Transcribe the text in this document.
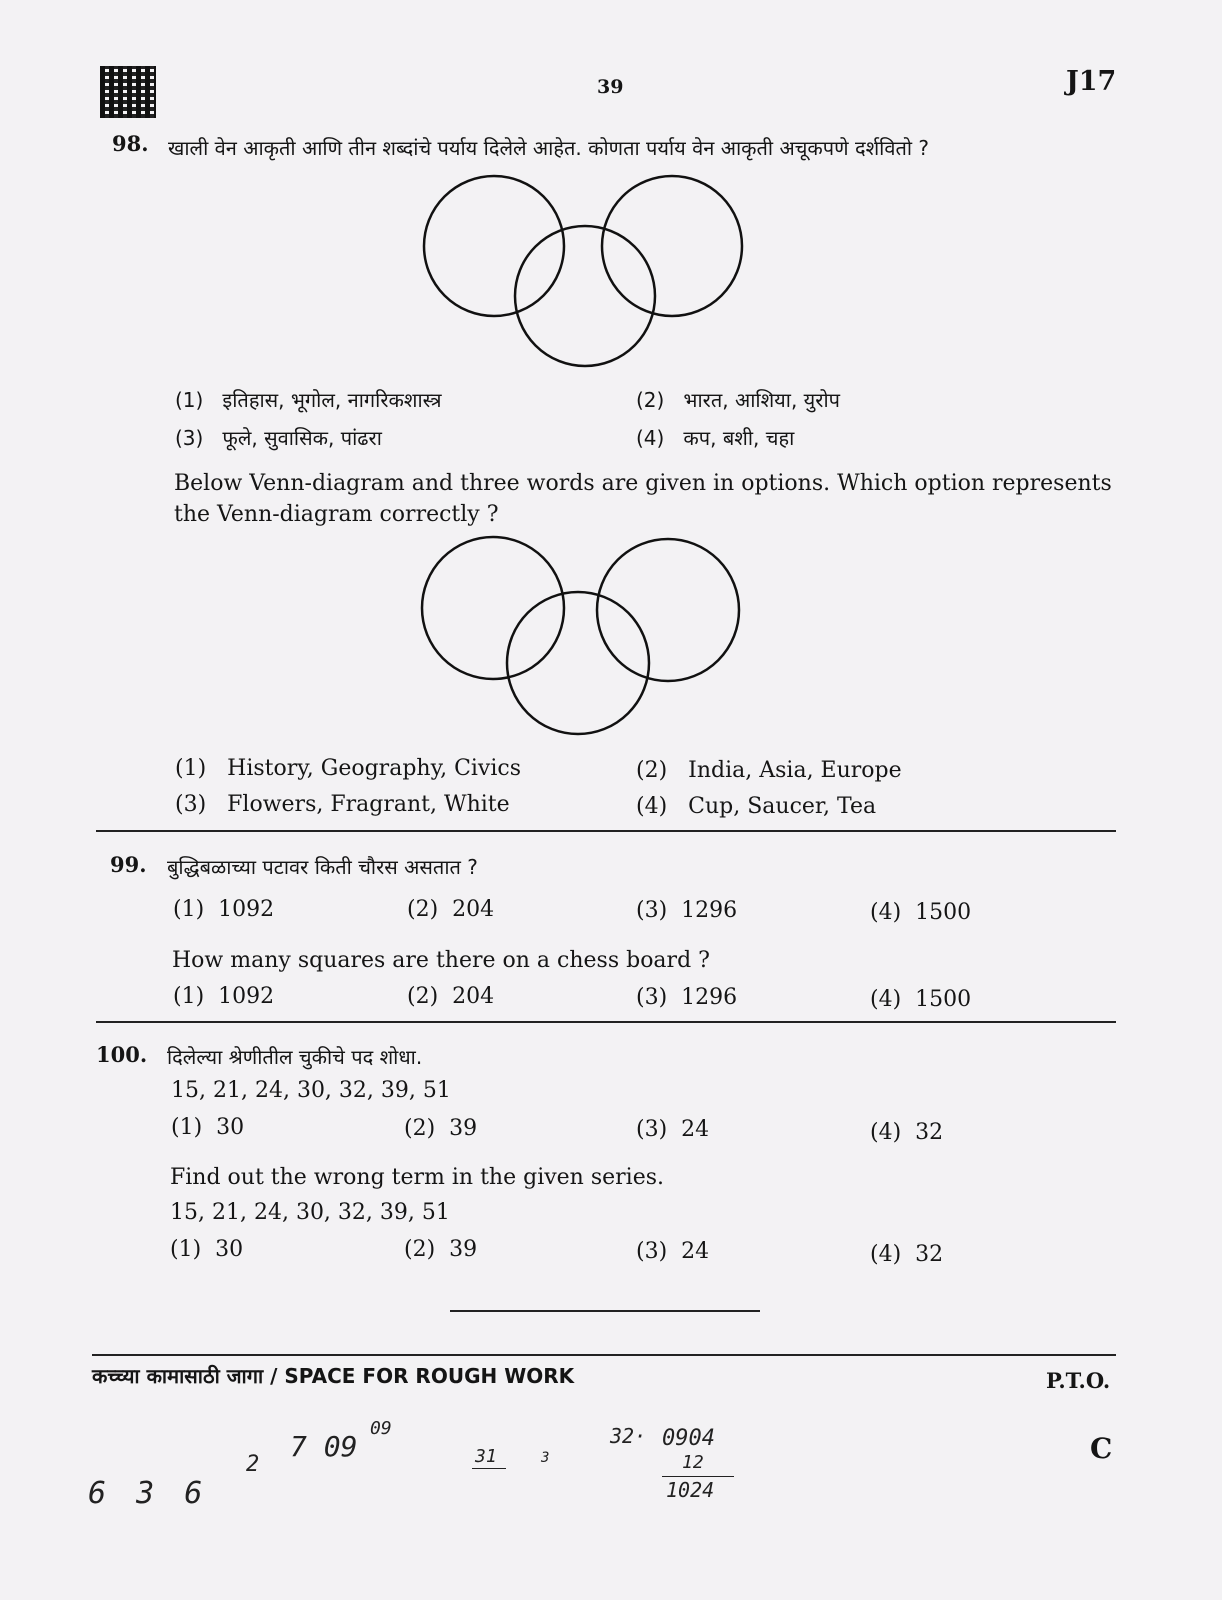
39	J17
98. खाली वेन आकृती आणि तीन शब्दांचे पर्याय दिलेले आहेत. कोणता पर्याय वेन आकृती अचूकपणे दर्शवितो ?
(1) इतिहास, भूगोल, नागरिकशास्त्र	(2) भारत, आशिया, युरोप
(3) फूले, सुवासिक, पांढरा	(4) कप, बशी, चहा
Below Venn-diagram and three words are given in options. Which option represents
the Venn-diagram correctly ?
(1) History, Geography, Civics	(2) India, Asia, Europe
(3) Flowers, Fragrant, White	(4) Cup, Saucer, Tea
99. बुद्धिबळाच्या पटावर किती चौरस असतात ?
(1) 1092	(2) 204	(3) 1296	(4) 1500
How many squares are there on a chess board ?
(1) 1092	(2) 204	(3) 1296	(4) 1500
100. दिलेल्या श्रेणीतील चुकीचे पद शोधा.
15, 21, 24, 30, 32, 39, 51
(1) 30	(2) 39	(3) 24	(4) 32
Find out the wrong term in the given series.
15, 21, 24, 30, 32, 39, 51
(1) 30	(2) 39	(3) 24	(4) 32
कच्च्या कामासाठी जागा / SPACE FOR ROUGH WORK	P.T.O.
C
6 3 6
2
7 09
09
31	3
32· 0904
12
1024
